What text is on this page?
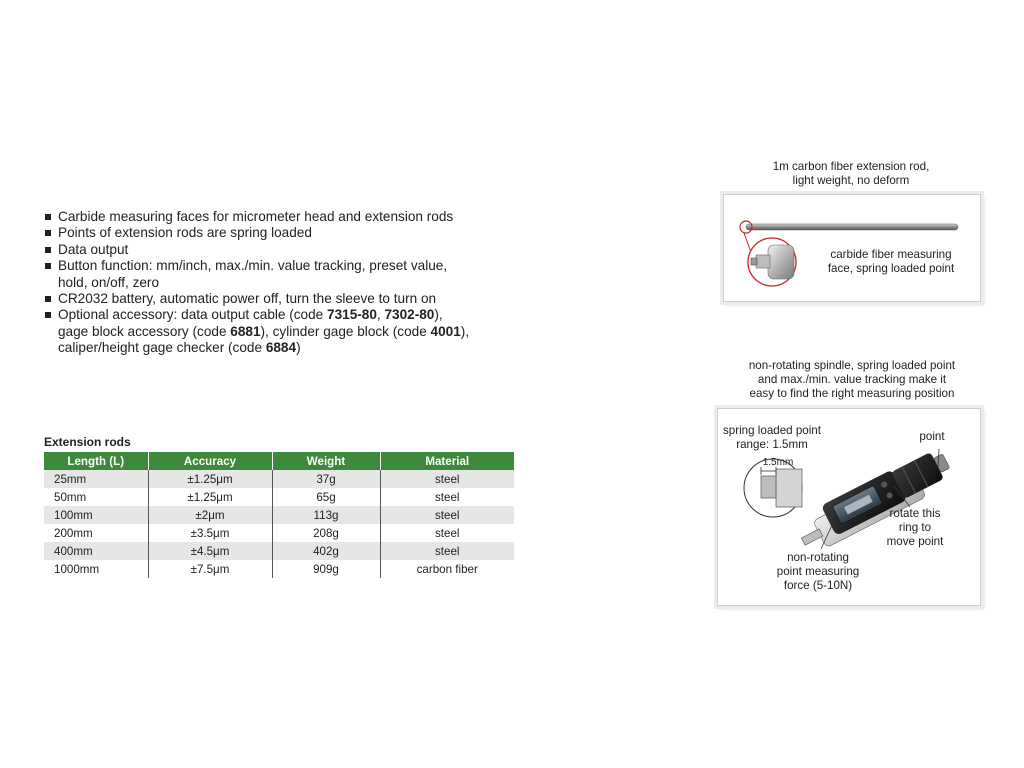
Carbide measuring faces for micrometer head and extension rods
Points of extension rods are spring loaded
Data output
Button function: mm/inch, max./min. value tracking, preset value,
hold, on/off, zero
CR2032 battery, automatic power off, turn the sleeve to turn on
Optional accessory: data output cable (code 7315-80, 7302-80),
gage block accessory (code 6881), cylinder gage block (code 4001),
caliper/height gage checker (code 6884)
Extension rods
Length (L)	Accuracy	Weight	Material
25mm	±1.25μm	37g	steel
50mm	±1.25μm	65g	steel
100mm	±2μm	113g	steel
200mm	±3.5μm	208g	steel
400mm	±4.5μm	402g	steel
1000mm	±7.5μm	909g	carbon fiber
1m carbon fiber extension rod,
light weight, no deform
carbide fiber measuring
face, spring loaded point
non-rotating spindle, spring loaded point
and max./min. value tracking make it
easy to find the right measuring position
spring loaded point
range: 1.5mm
1.5mm
point
rotate this
ring to
move point
non-rotating
point measuring
force (5-10N)
